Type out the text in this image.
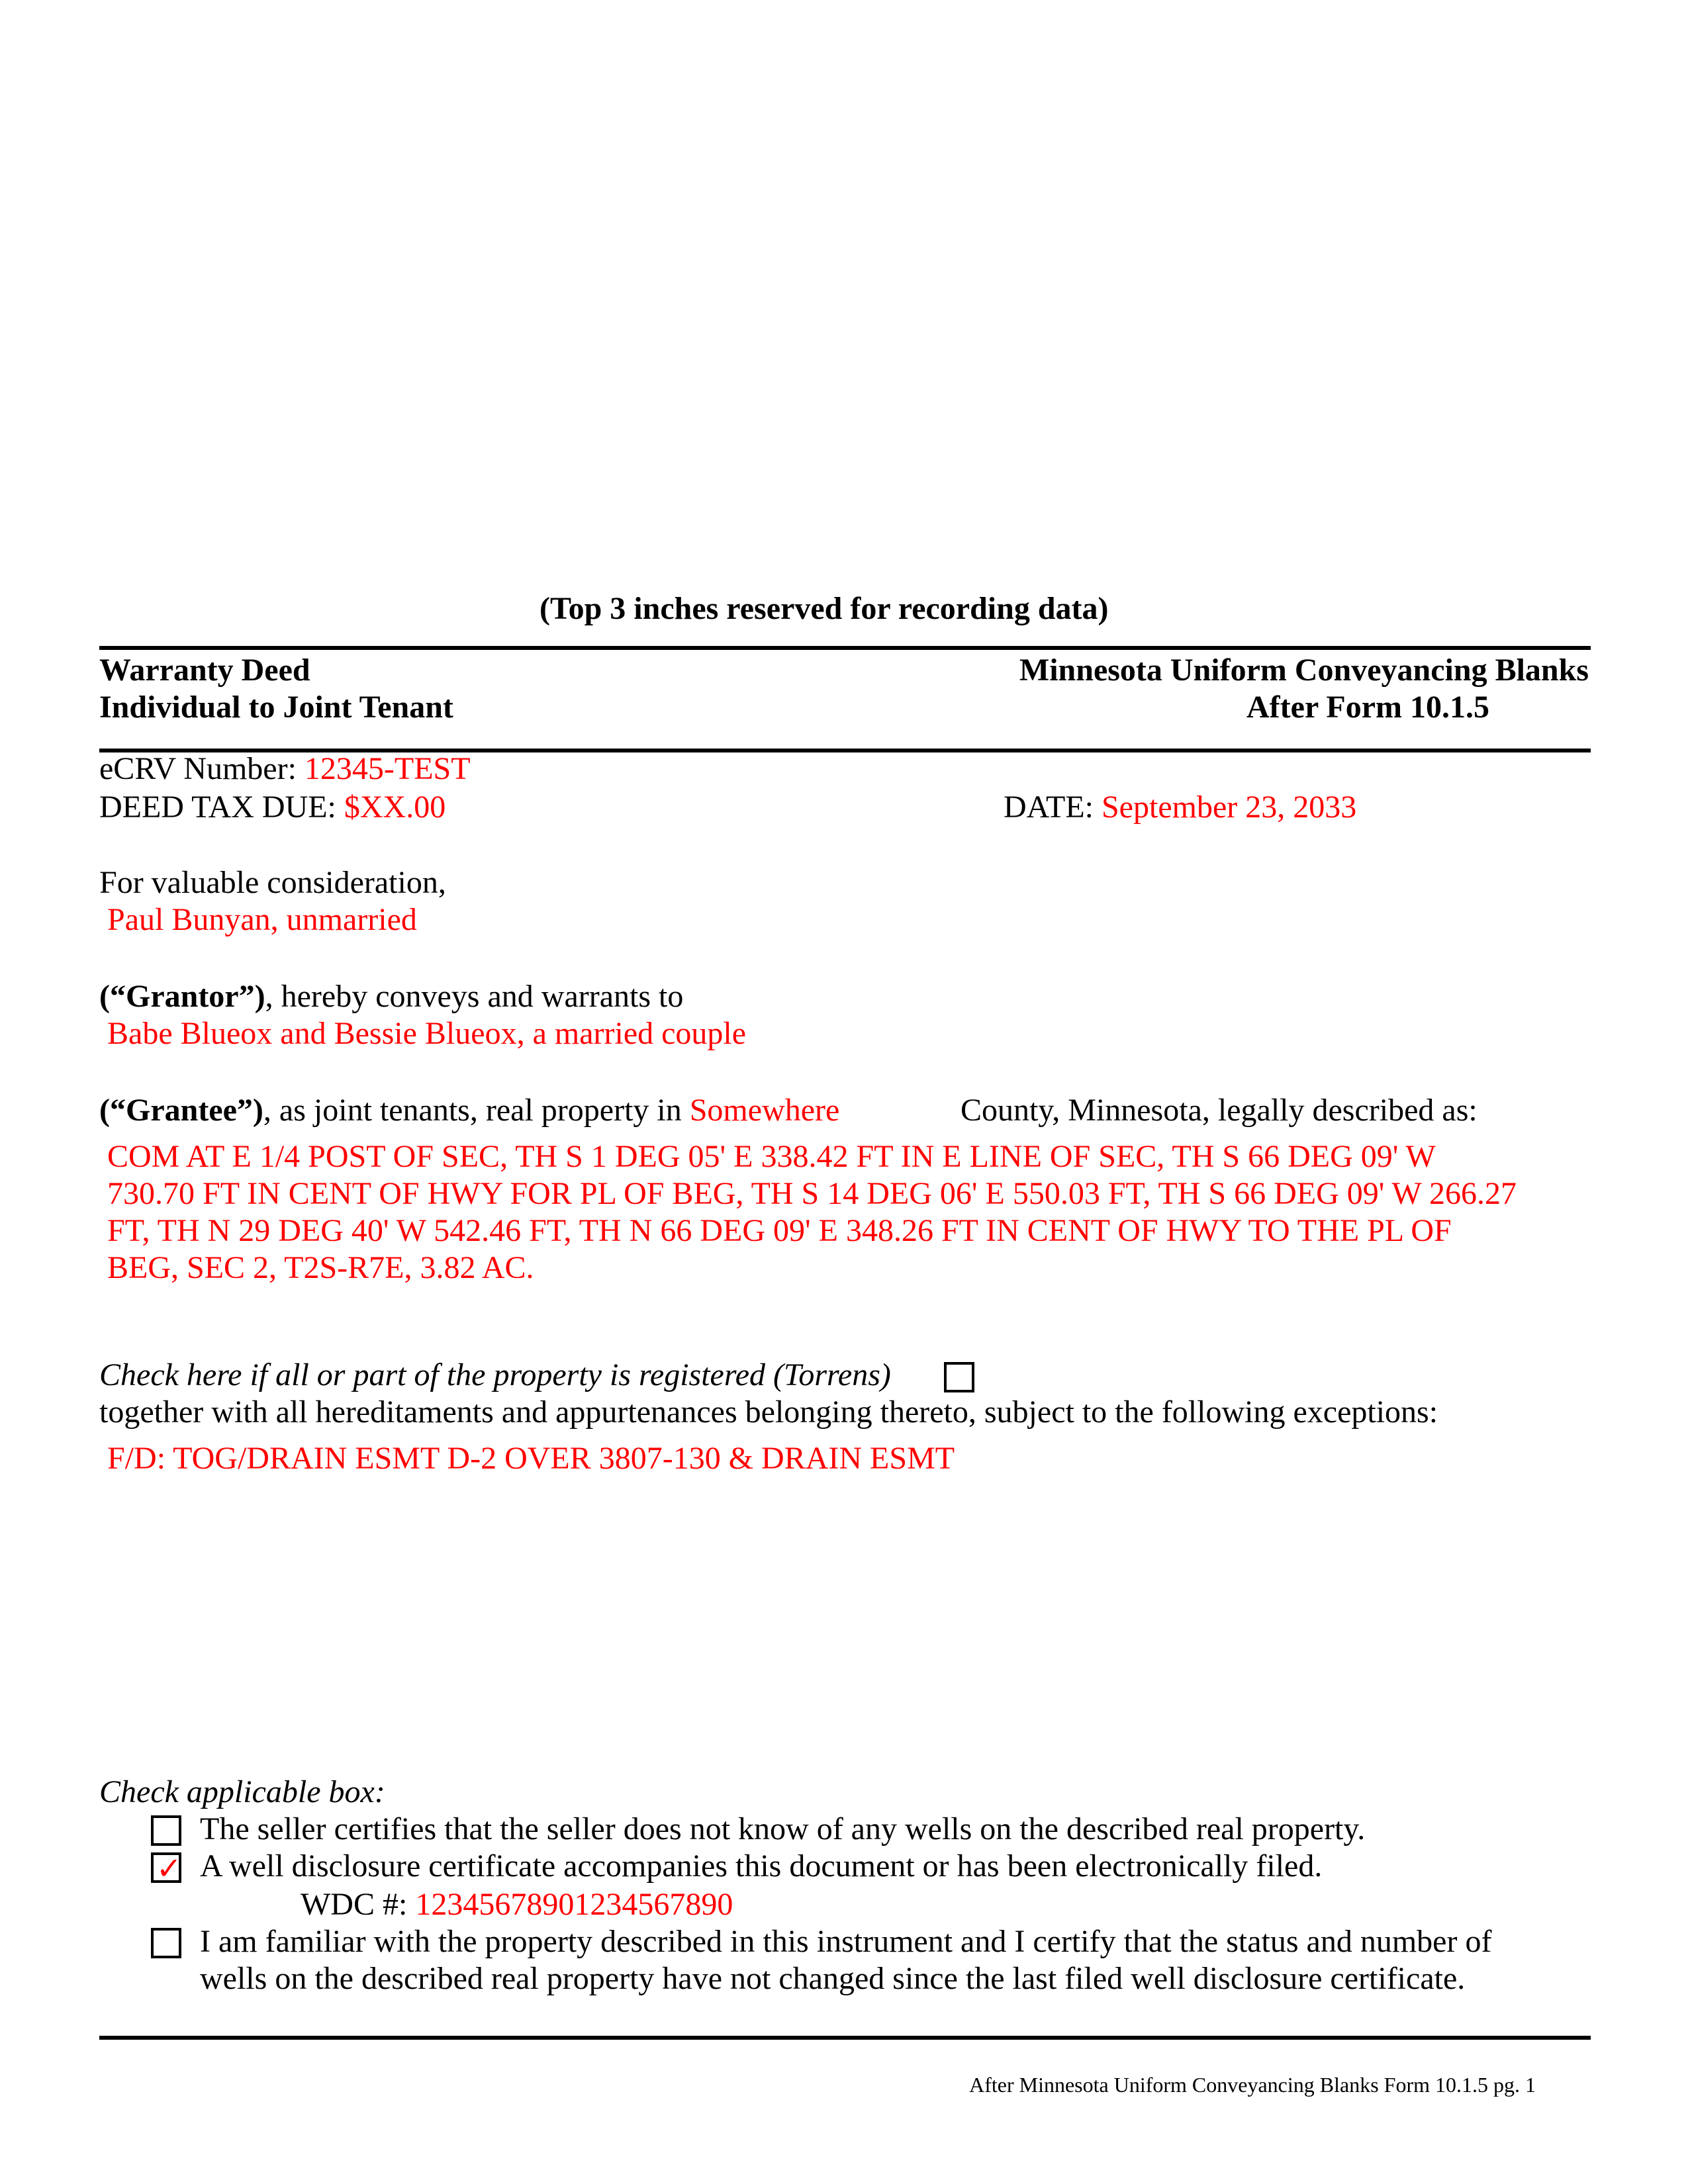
(Top 3 inches reserved for recording data)
Warranty Deed
Individual to Joint Tenant
Minnesota Uniform Conveyancing Blanks
After Form 10.1.5
eCRV Number: 12345-TEST
DEED TAX DUE: $XX.00	DATE: September 23, 2033
For valuable consideration,
Paul Bunyan, unmarried
(“Grantor”), hereby conveys and warrants to
Babe Blueox and Bessie Blueox, a married couple
(“Grantee”), as joint tenants, real property in Somewhere	County, Minnesota, legally described as:
COM AT E 1/4 POST OF SEC, TH S 1 DEG 05' E 338.42 FT IN E LINE OF SEC, TH S 66 DEG 09' W
730.70 FT IN CENT OF HWY FOR PL OF BEG, TH S 14 DEG 06' E 550.03 FT, TH S 66 DEG 09' W 266.27
FT, TH N 29 DEG 40' W 542.46 FT, TH N 66 DEG 09' E 348.26 FT IN CENT OF HWY TO THE PL OF
BEG, SEC 2, T2S-R7E, 3.82 AC.
Check here if all or part of the property is registered (Torrens)
together with all hereditaments and appurtenances belonging thereto, subject to the following exceptions:
F/D: TOG/DRAIN ESMT D-2 OVER 3807-130 & DRAIN ESMT
Check applicable box:
The seller certifies that the seller does not know of any wells on the described real property.
✓ A well disclosure certificate accompanies this document or has been electronically filed.
WDC #: 12345678901234567890
I am familiar with the property described in this instrument and I certify that the status and number of
wells on the described real property have not changed since the last filed well disclosure certificate.
After Minnesota Uniform Conveyancing Blanks Form 10.1.5 pg. 1
